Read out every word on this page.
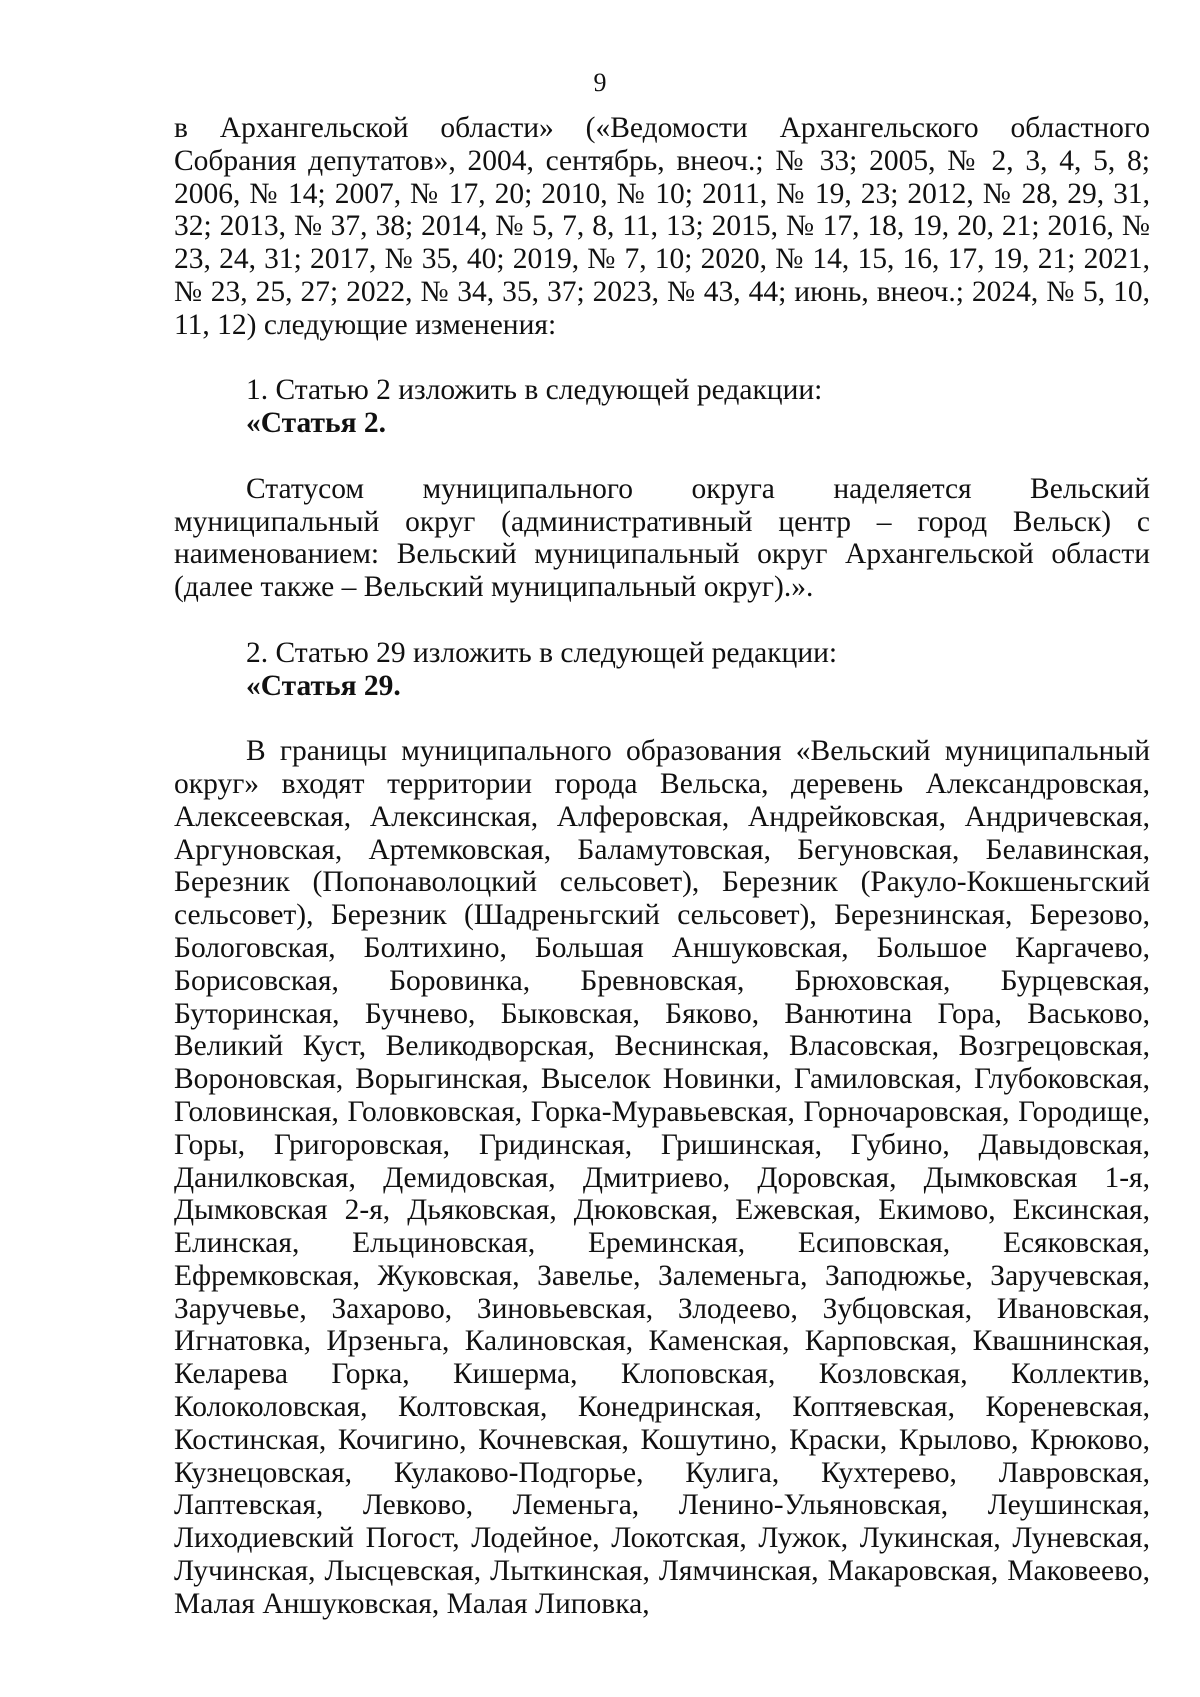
9

в Архангельской области» («Ведомости Архангельского областного Собрания депутатов», 2004, сентябрь, внеоч.; № 33; 2005, № 2, 3, 4, 5, 8; 2006, № 14; 2007, № 17, 20; 2010, № 10; 2011, № 19, 23; 2012, № 28, 29, 31, 32; 2013, № 37, 38; 2014, № 5, 7, 8, 11, 13; 2015, № 17, 18, 19, 20, 21; 2016, № 23, 24, 31; 2017, № 35, 40; 2019, № 7, 10; 2020, № 14, 15, 16, 17, 19, 21; 2021, № 23, 25, 27; 2022, № 34, 35, 37; 2023, № 43, 44; июнь, внеоч.; 2024, № 5, 10, 11, 12) следующие изменения:

1. Статью 2 изложить в следующей редакции:

«Статья 2.

Статусом муниципального округа наделяется Вельский муниципальный округ (административный центр – город Вельск) с наименованием: Вельский муниципальный округ Архангельской области (далее также – Вельский муниципальный округ).».

2. Статью 29 изложить в следующей редакции:

«Статья 29.

В границы муниципального образования «Вельский муниципальный округ» входят территории города Вельска, деревень Александровская, Алексеевская, Алексинская, Алферовская, Андрейковская, Андричевская, Аргуновская, Артемковская, Баламутовская, Бегуновская, Белавинская, Березник (Попонаволоцкий сельсовет), Березник (Ракуло-Кокшеньгский сельсовет), Березник (Шадреньгский сельсовет), Березнинская, Березово, Бологовская, Болтихино, Большая Аншуковская, Большое Каргачево, Борисовская, Боровинка, Бревновская, Брюховская, Бурцевская, Буторинская, Бучнево, Быковская, Бяково, Ванютина Гора, Васьково, Великий Куст, Великодворская, Веснинская, Власовская, Возгрецовская, Вороновская, Ворыгинская, Выселок Новинки, Гамиловская, Глубоковская, Головинская, Головковская, Горка-Муравьевская, Горночаровская, Городище, Горы, Григоровская, Гридинская, Гришинская, Губино, Давыдовская, Данилковская, Демидовская, Дмитриево, Доровская, Дымковская 1-я, Дымковская 2-я, Дьяковская, Дюковская, Ежевская, Екимово, Ексинская, Елинская, Ельциновская, Ереминская, Есиповская, Есяковская, Ефремковская, Жуковская, Завелье, Залеменьга, Заподюжье, Заручевская, Заручевье, Захарово, Зиновьевская, Злодеево, Зубцовская, Ивановская, Игнатовка, Ирзеньга, Калиновская, Каменская, Карповская, Квашнинская, Келарева Горка, Кишерма, Клоповская, Козловская, Коллектив, Колоколовская, Колтовская, Конедринская, Коптяевская, Кореневская, Костинская, Кочигино, Кочневская, Кошутино, Краски, Крылово, Крюково, Кузнецовская, Кулаково-Подгорье, Кулига, Кухтерево, Лавровская, Лаптевская, Левково, Леменьга, Ленино-Ульяновская, Леушинская, Лиходиевский Погост, Лодейное, Локотская, Лужок, Лукинская, Луневская, Лучинская, Лысцевская, Лыткинская, Лямчинская, Макаровская, Маковеево, Малая Аншуковская, Малая Липовка,
